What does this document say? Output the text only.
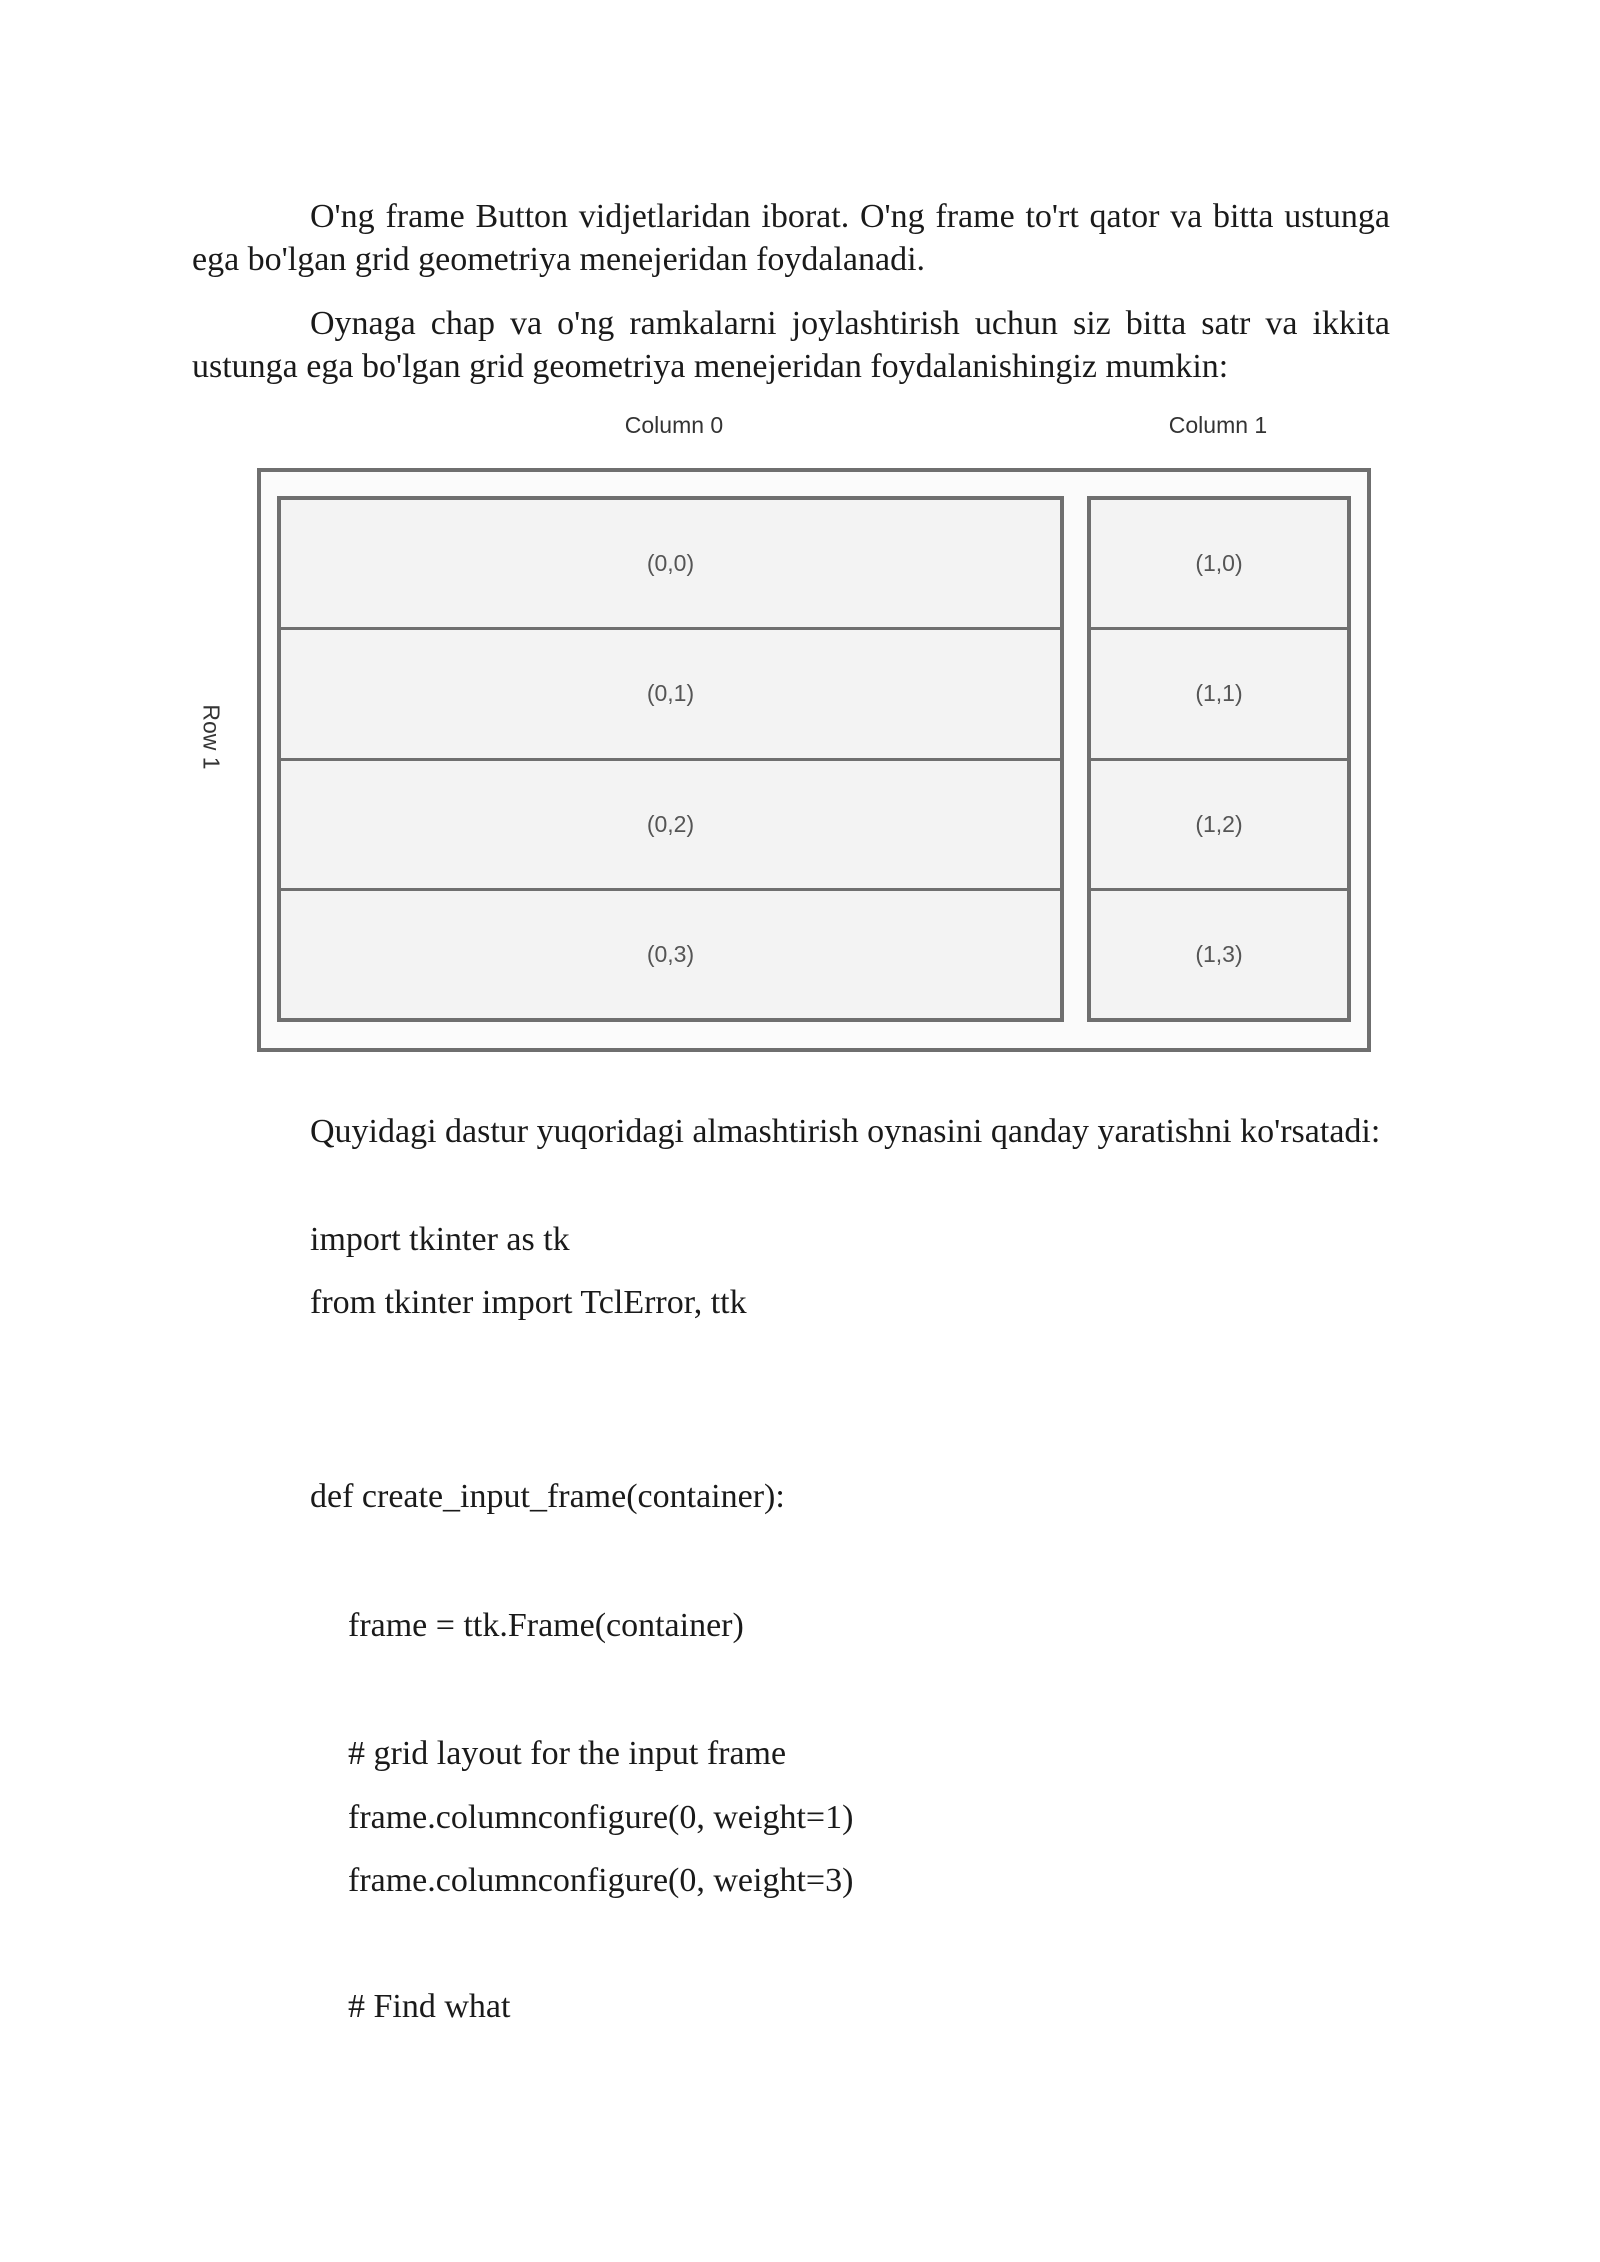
O'ng frame Button vidjetlaridan iborat. O'ng frame to'rt qator va bitta ustunga ega bo'lgan grid geometriya menejeridan foydalanadi.

Oynaga chap va o'ng ramkalarni joylashtirish uchun siz bitta satr va ikkita ustunga ega bo'lgan grid geometriya menejeridan foydalanishingiz mumkin:

Column 0	Column 1
Row 1
(0,0)
(0,1)
(0,2)
(0,3)
(1,0)
(1,1)
(1,2)
(1,3)

Quyidagi dastur yuqoridagi almashtirish oynasini qanday yaratishni ko'rsatadi:

import tkinter as tk

from tkinter import TclError, ttk

def create_input_frame(container):

frame = ttk.Frame(container)

# grid layout for the input frame

frame.columnconfigure(0, weight=1)

frame.columnconfigure(0, weight=3)

# Find what
